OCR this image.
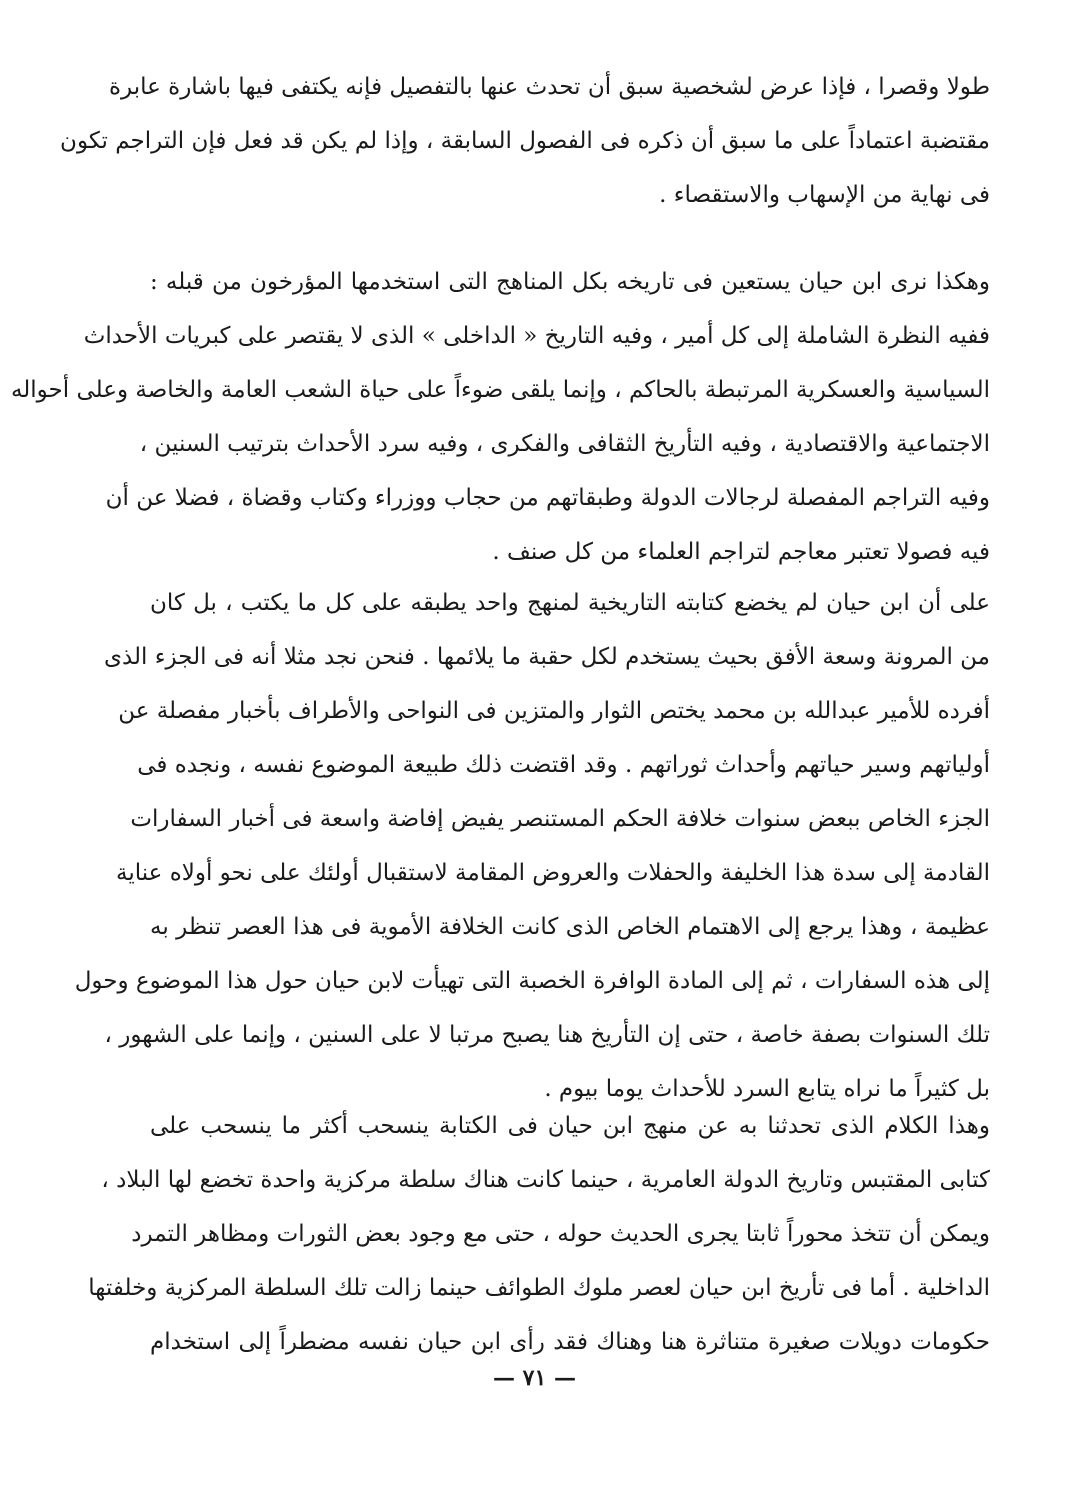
طولا وقصرا ، فإذا عرض لشخصية سبق أن تحدث عنها بالتفصيل فإنه يكتفى فيها باشارة عابرة
مقتضبة اعتماداً على ما سبق أن ذكره فى الفصول السابقة ، وإذا لم يكن قد فعل فإن التراجم تكون
فى نهاية من الإسهاب والاستقصاء .
وهكذا نرى ابن حيان يستعين فى تاريخه بكل المناهج التى استخدمها المؤرخون من قبله :
ففيه النظرة الشاملة إلى كل أمير ، وفيه التاريخ « الداخلى » الذى لا يقتصر على كبريات الأحداث
السياسية والعسكرية المرتبطة بالحاكم ، وإنما يلقى ضوءاً على حياة الشعب العامة والخاصة وعلى أحواله
الاجتماعية والاقتصادية ، وفيه التأريخ الثقافى والفكرى ، وفيه سرد الأحداث بترتيب السنين ،
وفيه التراجم المفصلة لرجالات الدولة وطبقاتهم من حجاب ووزراء وكتاب وقضاة ، فضلا عن أن
فيه فصولا تعتبر معاجم لتراجم العلماء من كل صنف .
على أن ابن حيان لم يخضع كتابته التاريخية لمنهج واحد يطبقه على كل ما يكتب ، بل كان
من المرونة وسعة الأفق بحيث يستخدم لكل حقبة ما يلائمها . فنحن نجد مثلا أنه فى الجزء الذى
أفرده للأمير عبدالله بن محمد يختص الثوار والمتزين فى النواحى والأطراف بأخبار مفصلة عن
أولياتهم وسير حياتهم وأحداث ثوراتهم . وقد اقتضت ذلك طبيعة الموضوع نفسه ، ونجده فى
الجزء الخاص ببعض سنوات خلافة الحكم المستنصر يفيض إفاضة واسعة فى أخبار السفارات
القادمة إلى سدة هذا الخليفة والحفلات والعروض المقامة لاستقبال أولئك على نحو أولاه عناية
عظيمة ، وهذا يرجع إلى الاهتمام الخاص الذى كانت الخلافة الأموية فى هذا العصر تنظر به
إلى هذه السفارات ، ثم إلى المادة الوافرة الخصبة التى تهيأت لابن حيان حول هذا الموضوع وحول
تلك السنوات بصفة خاصة ، حتى إن التأريخ هنا يصبح مرتبا لا على السنين ، وإنما على الشهور ،
بل كثيراً ما نراه يتابع السرد للأحداث يوما بيوم .
وهذا الكلام الذى تحدثنا به عن منهج ابن حيان فى الكتابة ينسحب أكثر ما ينسحب على
كتابى المقتبس وتاريخ الدولة العامرية ، حينما كانت هناك سلطة مركزية واحدة تخضع لها البلاد ،
ويمكن أن تتخذ محوراً ثابتا يجرى الحديث حوله ، حتى مع وجود بعض الثورات ومظاهر التمرد
الداخلية . أما فى تأريخ ابن حيان لعصر ملوك الطوائف حينما زالت تلك السلطة المركزية وخلفتها
حكومات دويلات صغيرة متناثرة هنا وهناك فقد رأى ابن حيان نفسه مضطراً إلى استخدام
— ٧١ —
